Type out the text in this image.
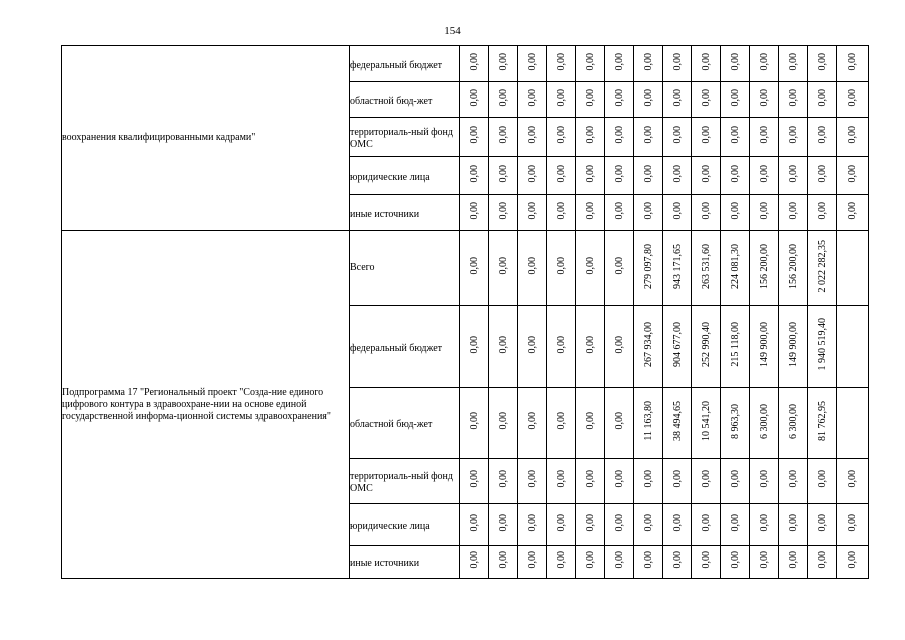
154
воохранения квалифицированными кадрами"	федеральный бюджет	0,00	0,00	0,00	0,00	0,00	0,00	0,00	0,00	0,00	0,00	0,00	0,00	0,00	0,00

	областной бюд-жет	0,00	0,00	0,00	0,00	0,00	0,00	0,00	0,00	0,00	0,00	0,00	0,00	0,00	0,00

	территориаль-ный фонд ОМС	0,00	0,00	0,00	0,00	0,00	0,00	0,00	0,00	0,00	0,00	0,00	0,00	0,00	0,00

	юридические лица	0,00	0,00	0,00	0,00	0,00	0,00	0,00	0,00	0,00	0,00	0,00	0,00	0,00	0,00

	иные источники	0,00	0,00	0,00	0,00	0,00	0,00	0,00	0,00	0,00	0,00	0,00	0,00	0,00	0,00
Подпрограмма 17 "Региональный проект "Созда-ние единого цифрового контура в здравоохране-нии на основе единой государственной информа-ционной системы здравоохранения"	Всего	0,00	0,00	0,00	0,00	0,00	0,00	279 097,80	943 171,65	263 531,60	224 081,30	156 200,00	156 200,00	2 022 282,35	

	федеральный бюджет	0,00	0,00	0,00	0,00	0,00	0,00	267 934,00	904 677,00	252 990,40	215 118,00	149 900,00	149 900,00	1 940 519,40	

	областной бюд-жет	0,00	0,00	0,00	0,00	0,00	0,00	11 163,80	38 494,65	10 541,20	8 963,30	6 300,00	6 300,00	81 762,95	

	территориаль-ный фонд ОМС	0,00	0,00	0,00	0,00	0,00	0,00	0,00	0,00	0,00	0,00	0,00	0,00	0,00	0,00

	юридические лица	0,00	0,00	0,00	0,00	0,00	0,00	0,00	0,00	0,00	0,00	0,00	0,00	0,00	0,00

	иные источники	0,00	0,00	0,00	0,00	0,00	0,00	0,00	0,00	0,00	0,00	0,00	0,00	0,00	0,00
